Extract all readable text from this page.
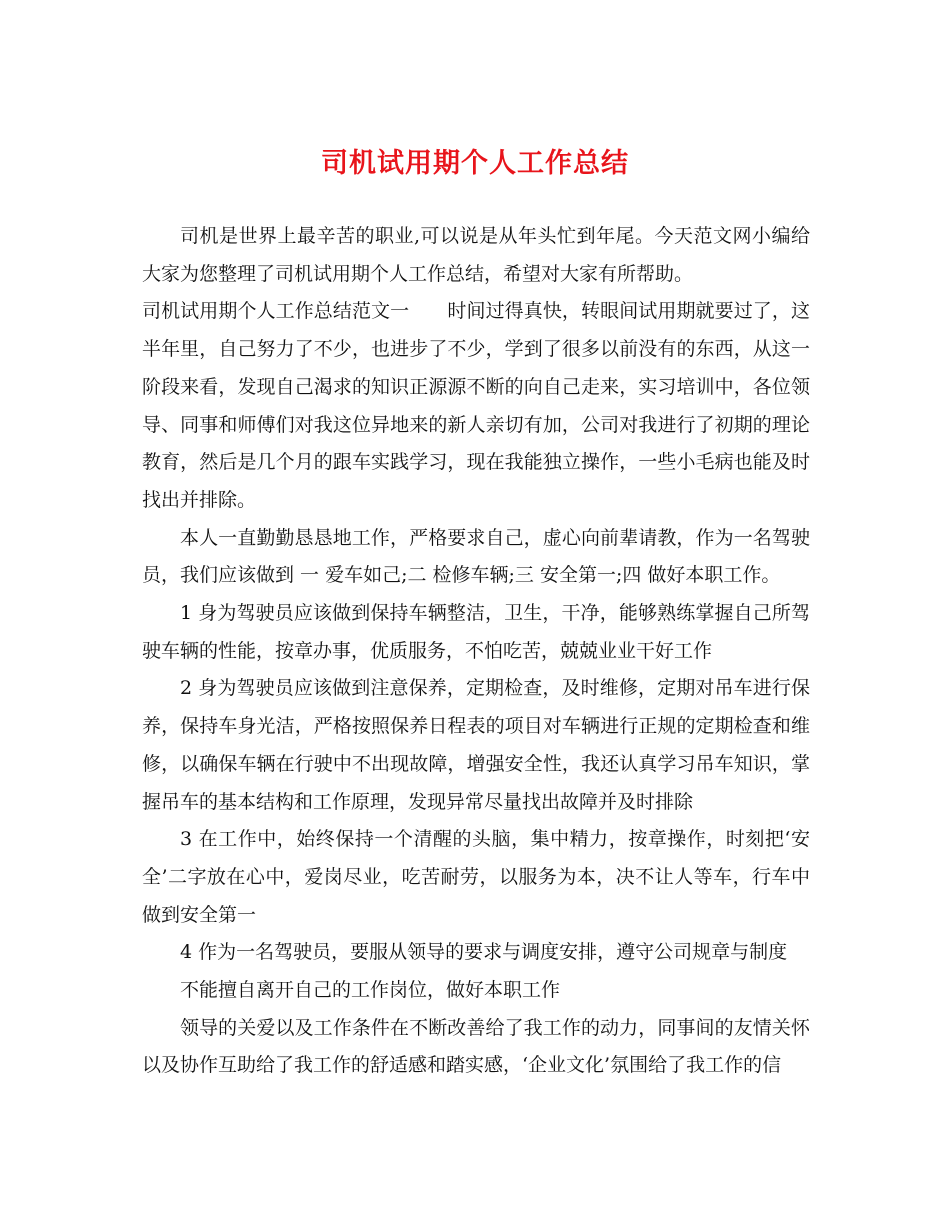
司机试用期个人工作总结

司机是世界上最辛苦的职业,可以说是从年头忙到年尾。今天范文网小编给大家为您整理了司机试用期个人工作总结，希望对大家有所帮助。

司机试用期个人工作总结范文一　　时间过得真快，转眼间试用期就要过了，这半年里，自己努力了不少，也进步了不少，学到了很多以前没有的东西，从这一阶段来看，发现自己渴求的知识正源源不断的向自己走来，实习培训中，各位领导、同事和师傅们对我这位异地来的新人亲切有加，公司对我进行了初期的理论教育，然后是几个月的跟车实践学习，现在我能独立操作，一些小毛病也能及时找出并排除。

本人一直勤勤恳恳地工作，严格要求自己，虚心向前辈请教，作为一名驾驶员，我们应该做到 一 爱车如己;二 检修车辆;三 安全第一;四 做好本职工作。

1 身为驾驶员应该做到保持车辆整洁，卫生，干净，能够熟练掌握自己所驾驶车辆的性能，按章办事，优质服务，不怕吃苦，兢兢业业干好工作

2 身为驾驶员应该做到注意保养，定期检查，及时维修，定期对吊车进行保养，保持车身光洁，严格按照保养日程表的项目对车辆进行正规的定期检查和维修，以确保车辆在行驶中不出现故障，增强安全性，我还认真学习吊车知识，掌握吊车的基本结构和工作原理，发现异常尽量找出故障并及时排除

3 在工作中，始终保持一个清醒的头脑，集中精力，按章操作，时刻把‘安全’二字放在心中，爱岗尽业，吃苦耐劳，以服务为本，决不让人等车，行车中做到安全第一

4 作为一名驾驶员，要服从领导的要求与调度安排，遵守公司规章与制度

不能擅自离开自己的工作岗位，做好本职工作

领导的关爱以及工作条件在不断改善给了我工作的动力，同事间的友情关怀以及协作互助给了我工作的舒适感和踏实感，‘企业文化’氛围给了我工作的信
